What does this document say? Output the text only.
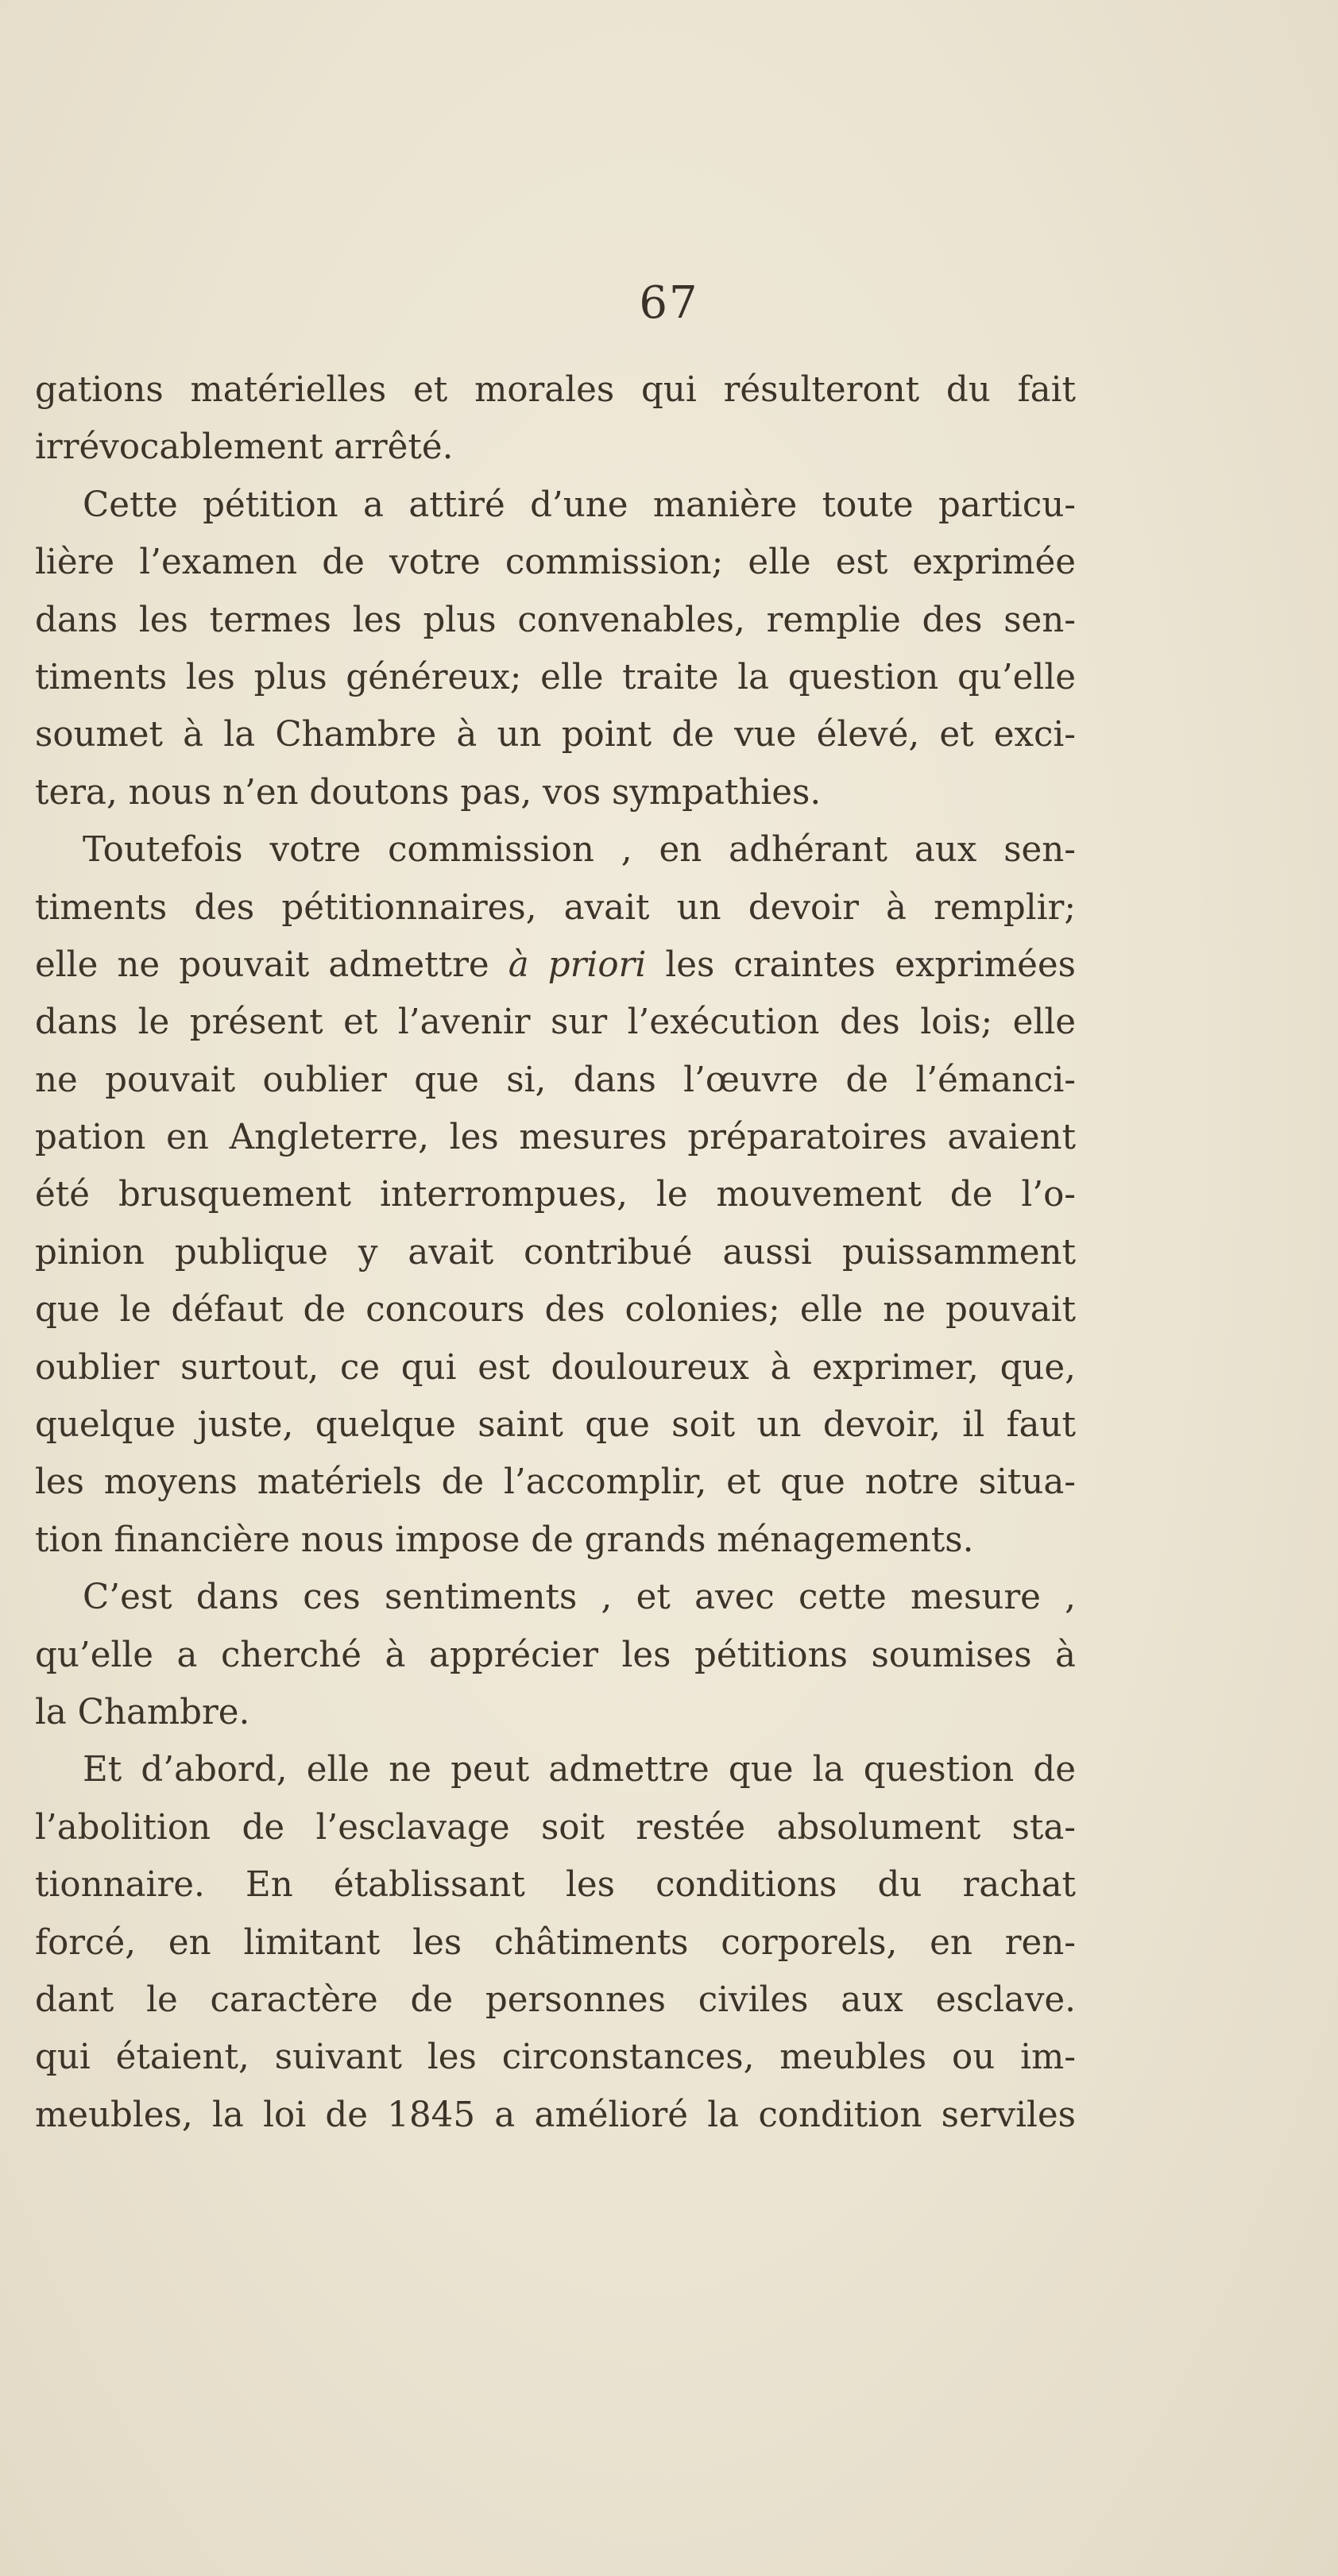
67
gations matérielles et morales qui résulteront du fait
irrévocablement arrêté.
Cette pétition a attiré d’une manière toute particu-
lière l’examen de votre commission; elle est exprimée
dans les termes les plus convenables, remplie des sen-
timents les plus généreux; elle traite la question qu’elle
soumet à la Chambre à un point de vue élevé, et exci-
tera, nous n’en doutons pas, vos sympathies.
Toutefois votre commission , en adhérant aux sen-
timents des pétitionnaires, avait un devoir à remplir;
elle ne pouvait admettre à priori les craintes exprimées
dans le présent et l’avenir sur l’exécution des lois; elle
ne pouvait oublier que si, dans l’œuvre de l’émanci-
pation en Angleterre, les mesures préparatoires avaient
été brusquement interrompues, le mouvement de l’o-
pinion publique y avait contribué aussi puissamment
que le défaut de concours des colonies; elle ne pouvait
oublier surtout, ce qui est douloureux à exprimer, que,
quelque juste, quelque saint que soit un devoir, il faut
les moyens matériels de l’accomplir, et que notre situa-
tion financière nous impose de grands ménagements.
C’est dans ces sentiments , et avec cette mesure ,
qu’elle a cherché à apprécier les pétitions soumises à
la Chambre.
Et d’abord, elle ne peut admettre que la question de
l’abolition de l’esclavage soit restée absolument sta-
tionnaire. En établissant les conditions du rachat
forcé, en limitant les châtiments corporels, en ren-
dant le caractère de personnes civiles aux esclave.
qui étaient, suivant les circonstances, meubles ou im-
meubles, la loi de 1845 a amélioré la condition serviles
